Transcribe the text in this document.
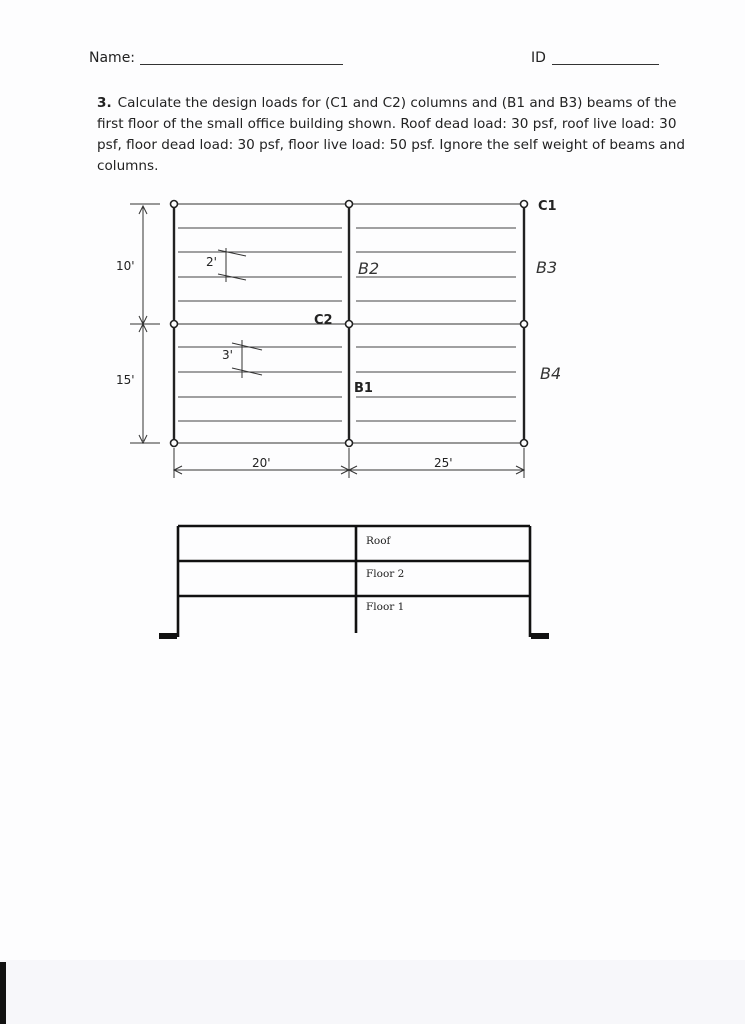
Name:	ID
3. Calculate the design loads for (C1 and C2) columns and (B1 and B3) beams of the first floor of the small office building shown. Roof dead load: 30 psf, roof live load: 30 psf, floor dead load: 30 psf, floor live load: 50 psf. Ignore the self weight of beams and columns.
10'
15'
20'	25'
2'
3'
C1
C2
B1
B2	B3
B4
Roof
Floor 2
Floor 1
